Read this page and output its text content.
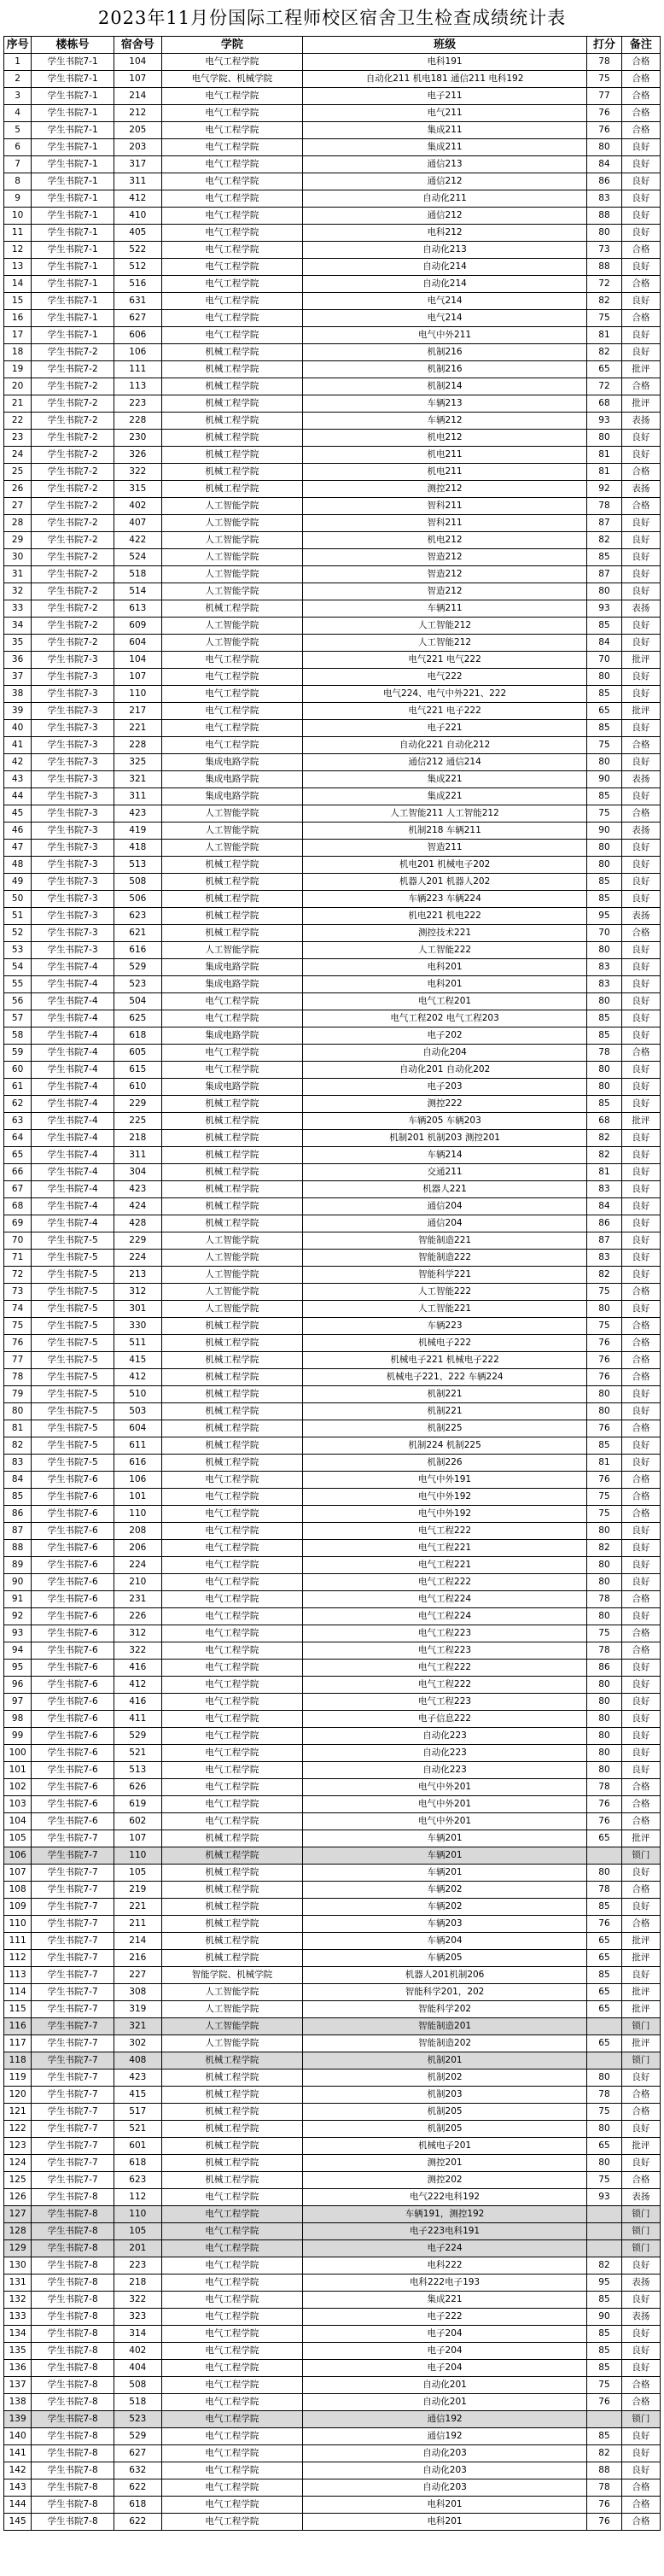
2023年11月份国际工程师校区宿舍卫生检查成绩统计表
序号	楼栋号	宿舍号	学院	班级	打分	备注
1	学生书院7-1	104	电气工程学院	电科191	78	合格
2	学生书院7-1	107	电气学院、机械学院	自动化211 机电181 通信211 电科192	75	合格
3	学生书院7-1	214	电气工程学院	电子211	77	合格
4	学生书院7-1	212	电气工程学院	电气211	76	合格
5	学生书院7-1	205	电气工程学院	集成211	76	合格
6	学生书院7-1	203	电气工程学院	集成211	80	良好
7	学生书院7-1	317	电气工程学院	通信213	84	良好
8	学生书院7-1	311	电气工程学院	通信212	86	良好
9	学生书院7-1	412	电气工程学院	自动化211	83	良好
10	学生书院7-1	410	电气工程学院	通信212	88	良好
11	学生书院7-1	405	电气工程学院	电科212	80	良好
12	学生书院7-1	522	电气工程学院	自动化213	73	合格
13	学生书院7-1	512	电气工程学院	自动化214	88	良好
14	学生书院7-1	516	电气工程学院	自动化214	72	合格
15	学生书院7-1	631	电气工程学院	电气214	82	良好
16	学生书院7-1	627	电气工程学院	电气214	75	合格
17	学生书院7-1	606	电气工程学院	电气中外211	81	良好
18	学生书院7-2	106	机械工程学院	机制216	82	良好
19	学生书院7-2	111	机械工程学院	机制216	65	批评
20	学生书院7-2	113	机械工程学院	机制214	72	合格
21	学生书院7-2	223	机械工程学院	车辆213	68	批评
22	学生书院7-2	228	机械工程学院	车辆212	93	表扬
23	学生书院7-2	230	机械工程学院	机电212	80	良好
24	学生书院7-2	326	机械工程学院	机电211	81	良好
25	学生书院7-2	322	机械工程学院	机电211	81	合格
26	学生书院7-2	315	机械工程学院	测控212	92	表扬
27	学生书院7-2	402	人工智能学院	智科211	78	合格
28	学生书院7-2	407	人工智能学院	智科211	87	良好
29	学生书院7-2	422	人工智能学院	机电212	82	良好
30	学生书院7-2	524	人工智能学院	智造212	85	良好
31	学生书院7-2	518	人工智能学院	智造212	87	良好
32	学生书院7-2	514	人工智能学院	智造212	80	良好
33	学生书院7-2	613	机械工程学院	车辆211	93	表扬
34	学生书院7-2	609	人工智能学院	人工智能212	85	良好
35	学生书院7-2	604	人工智能学院	人工智能212	84	良好
36	学生书院7-3	104	电气工程学院	电气221 电气222	70	批评
37	学生书院7-3	107	电气工程学院	电气222	80	良好
38	学生书院7-3	110	电气工程学院	电气224、电气中外221、222	85	良好
39	学生书院7-3	217	电气工程学院	电气221 电子222	65	批评
40	学生书院7-3	221	电气工程学院	电子221	85	良好
41	学生书院7-3	228	电气工程学院	自动化221 自动化212	75	合格
42	学生书院7-3	325	集成电路学院	通信212 通信214	80	良好
43	学生书院7-3	321	集成电路学院	集成221	90	表扬
44	学生书院7-3	311	集成电路学院	集成221	85	良好
45	学生书院7-3	423	人工智能学院	人工智能211 人工智能212	75	合格
46	学生书院7-3	419	人工智能学院	机制218 车辆211	90	表扬
47	学生书院7-3	418	人工智能学院	智造211	80	良好
48	学生书院7-3	513	机械工程学院	机电201 机械电子202	80	良好
49	学生书院7-3	508	机械工程学院	机器人201 机器人202	85	良好
50	学生书院7-3	506	机械工程学院	车辆223 车辆224	85	良好
51	学生书院7-3	623	机械工程学院	机电221 机电222	95	表扬
52	学生书院7-3	621	机械工程学院	测控技术221	70	合格
53	学生书院7-3	616	人工智能学院	人工智能222	80	良好
54	学生书院7-4	529	集成电路学院	电科201	83	良好
55	学生书院7-4	523	集成电路学院	电科201	83	良好
56	学生书院7-4	504	电气工程学院	电气工程201	80	良好
57	学生书院7-4	625	电气工程学院	电气工程202 电气工程203	85	良好
58	学生书院7-4	618	集成电路学院	电子202	85	良好
59	学生书院7-4	605	电气工程学院	自动化204	78	合格
60	学生书院7-4	615	电气工程学院	自动化201 自动化202	80	良好
61	学生书院7-4	610	集成电路学院	电子203	80	良好
62	学生书院7-4	229	机械工程学院	测控222	85	良好
63	学生书院7-4	225	机械工程学院	车辆205 车辆203	68	批评
64	学生书院7-4	218	机械工程学院	机制201 机制203 测控201	82	良好
65	学生书院7-4	311	机械工程学院	车辆214	82	良好
66	学生书院7-4	304	机械工程学院	交通211	81	良好
67	学生书院7-4	423	机械工程学院	机器人221	83	良好
68	学生书院7-4	424	机械工程学院	通信204	84	良好
69	学生书院7-4	428	机械工程学院	通信204	86	良好
70	学生书院7-5	229	人工智能学院	智能制造221	87	良好
71	学生书院7-5	224	人工智能学院	智能制造222	83	良好
72	学生书院7-5	213	人工智能学院	智能科学221	82	良好
73	学生书院7-5	312	人工智能学院	人工智能222	75	合格
74	学生书院7-5	301	人工智能学院	人工智能221	80	良好
75	学生书院7-5	330	机械工程学院	车辆223	75	合格
76	学生书院7-5	511	机械工程学院	机械电子222	76	合格
77	学生书院7-5	415	机械工程学院	机械电子221 机械电子222	76	合格
78	学生书院7-5	412	机械工程学院	机械电子221、222 车辆224	76	合格
79	学生书院7-5	510	机械工程学院	机制221	80	良好
80	学生书院7-5	503	机械工程学院	机制221	80	良好
81	学生书院7-5	604	机械工程学院	机制225	76	合格
82	学生书院7-5	611	机械工程学院	机制224 机制225	85	良好
83	学生书院7-5	616	机械工程学院	机制226	81	良好
84	学生书院7-6	106	电气工程学院	电气中外191	76	合格
85	学生书院7-6	101	电气工程学院	电气中外192	75	合格
86	学生书院7-6	110	电气工程学院	电气中外192	75	合格
87	学生书院7-6	208	电气工程学院	电气工程222	80	良好
88	学生书院7-6	206	电气工程学院	电气工程221	82	良好
89	学生书院7-6	224	电气工程学院	电气工程221	80	良好
90	学生书院7-6	210	电气工程学院	电气工程222	80	良好
91	学生书院7-6	231	电气工程学院	电气工程224	78	合格
92	学生书院7-6	226	电气工程学院	电气工程224	80	良好
93	学生书院7-6	312	电气工程学院	电气工程223	75	合格
94	学生书院7-6	322	电气工程学院	电气工程223	78	合格
95	学生书院7-6	416	电气工程学院	电气工程222	86	良好
96	学生书院7-6	412	电气工程学院	电气工程222	80	良好
97	学生书院7-6	416	电气工程学院	电气工程223	80	良好
98	学生书院7-6	411	电气工程学院	电子信息222	80	良好
99	学生书院7-6	529	电气工程学院	自动化223	80	良好
100	学生书院7-6	521	电气工程学院	自动化223	80	良好
101	学生书院7-6	513	电气工程学院	自动化223	80	良好
102	学生书院7-6	626	电气工程学院	电气中外201	78	合格
103	学生书院7-6	619	电气工程学院	电气中外201	76	合格
104	学生书院7-6	602	电气工程学院	电气中外201	76	合格
105	学生书院7-7	107	机械工程学院	车辆201	65	批评
106	学生书院7-7	110	机械工程学院	车辆201		锁门
107	学生书院7-7	105	机械工程学院	车辆201	80	良好
108	学生书院7-7	219	机械工程学院	车辆202	78	合格
109	学生书院7-7	221	机械工程学院	车辆202	85	良好
110	学生书院7-7	211	机械工程学院	车辆203	76	合格
111	学生书院7-7	214	机械工程学院	车辆204	65	批评
112	学生书院7-7	216	机械工程学院	车辆205	65	批评
113	学生书院7-7	227	智能学院、机械学院	机器人201机制206	85	良好
114	学生书院7-7	308	人工智能学院	智能科学201，202	65	批评
115	学生书院7-7	319	人工智能学院	智能科学202	65	批评
116	学生书院7-7	321	人工智能学院	智能制造201		锁门
117	学生书院7-7	302	人工智能学院	智能制造202	65	批评
118	学生书院7-7	408	机械工程学院	机制201		锁门
119	学生书院7-7	423	机械工程学院	机制202	80	良好
120	学生书院7-7	415	机械工程学院	机制203	78	合格
121	学生书院7-7	517	机械工程学院	机制205	75	合格
122	学生书院7-7	521	机械工程学院	机制205	80	良好
123	学生书院7-7	601	机械工程学院	机械电子201	65	批评
124	学生书院7-7	618	机械工程学院	测控201	80	良好
125	学生书院7-7	623	机械工程学院	测控202	75	合格
126	学生书院7-8	112	电气工程学院	电气222电科192	93	表扬
127	学生书院7-8	110	电气工程学院	车辆191，测控192		锁门
128	学生书院7-8	105	电气工程学院	电子223电科191		锁门
129	学生书院7-8	201	电气工程学院	电子224		锁门
130	学生书院7-8	223	电气工程学院	电科222	82	良好
131	学生书院7-8	218	电气工程学院	电科222电子193	95	表扬
132	学生书院7-8	322	电气工程学院	集成221	85	良好
133	学生书院7-8	323	电气工程学院	电子222	90	表扬
134	学生书院7-8	314	电气工程学院	电子204	85	良好
135	学生书院7-8	402	电气工程学院	电子204	85	良好
136	学生书院7-8	404	电气工程学院	电子204	85	良好
137	学生书院7-8	508	电气工程学院	自动化201	75	合格
138	学生书院7-8	518	电气工程学院	自动化201	76	合格
139	学生书院7-8	523	电气工程学院	通信192		锁门
140	学生书院7-8	529	电气工程学院	通信192	85	良好
141	学生书院7-8	627	电气工程学院	自动化203	82	良好
142	学生书院7-8	632	电气工程学院	自动化203	88	良好
143	学生书院7-8	622	电气工程学院	自动化203	78	合格
144	学生书院7-8	618	电气工程学院	电科201	76	合格
145	学生书院7-8	622	电气工程学院	电科201	76	合格
